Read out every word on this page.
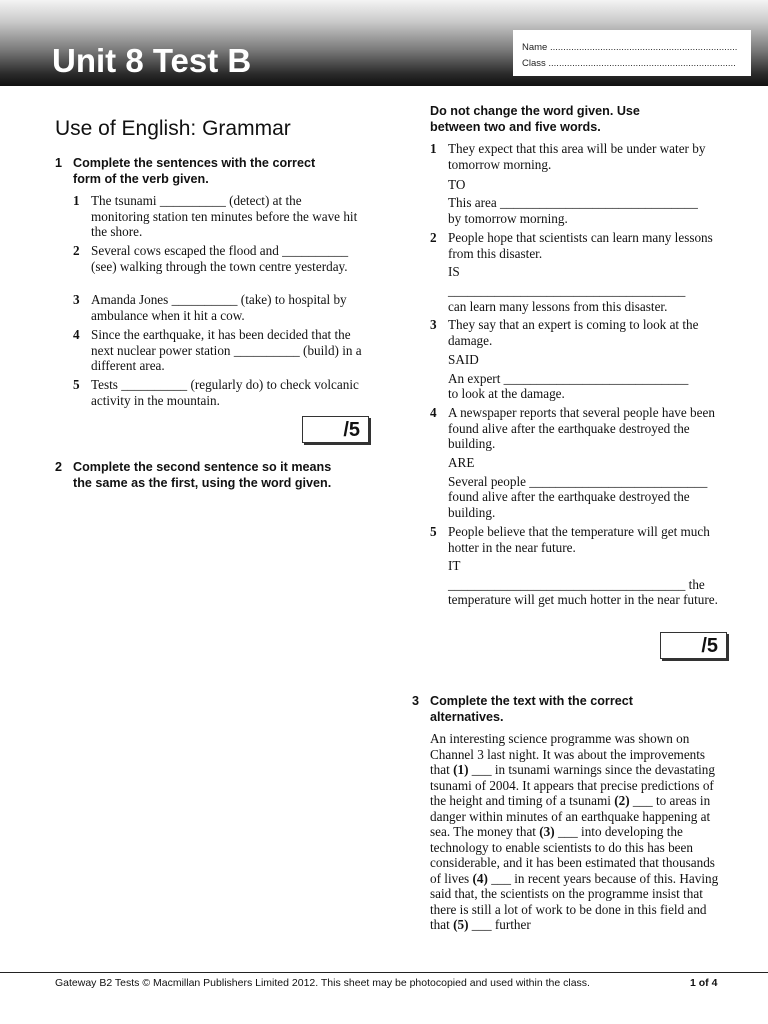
Unit 8 Test B	Name .......................................................................
Class .......................................................................
Use of English: Grammar
1 Complete the sentences with the correct
form of the verb given.
1 The tsunami __________ (detect) at the monitoring station ten minutes before the wave hit the shore.
2 Several cows escaped the flood and __________ (see) walking through the town centre yesterday.
3 Amanda Jones __________ (take) to hospital by ambulance when it hit a cow.
4 Since the earthquake, it has been decided that the next nuclear power station __________ (build) in a different area.
5 Tests __________ (regularly do) to check volcanic activity in the mountain.
/5
2 Complete the second sentence so it means
the same as the first, using the word given.
Do not change the word given. Use
between two and five words.
1 They expect that this area will be under water by tomorrow morning.
TO
This area ______________________________
by tomorrow morning.
2 People hope that scientists can learn many lessons from this disaster.
IS
____________________________________
can learn many lessons from this disaster.
3 They say that an expert is coming to look at the damage.
SAID
An expert ____________________________
to look at the damage.
4 A newspaper reports that several people have been found alive after the earthquake destroyed the building.
ARE
Several people ___________________________
found alive after the earthquake destroyed the building.
5 People believe that the temperature will get much hotter in the near future.
IT
____________________________________ the
temperature will get much hotter in the near future.
/5
3 Complete the text with the correct
alternatives.
An interesting science programme was shown on Channel 3 last night. It was about the improvements that (1) ___ in tsunami warnings since the devastating tsunami of 2004. It appears that precise predictions of the height and timing of a tsunami (2) ___ to areas in danger within minutes of an earthquake happening at sea. The money that (3) ___ into developing the technology to enable scientists to do this has been considerable, and it has been estimated that thousands of lives (4) ___ in recent years because of this. Having said that, the scientists on the programme insist that there is still a lot of work to be done in this field and that (5) ___ further
Gateway B2 Tests © Macmillan Publishers Limited 2012. This sheet may be photocopied and used within the class.	1 of 4
